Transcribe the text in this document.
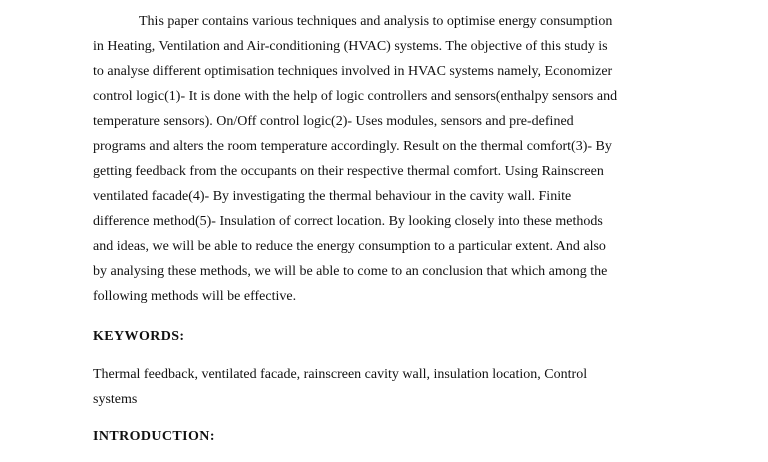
This paper contains various techniques and analysis to optimise energy consumption
in Heating, Ventilation and Air-conditioning (HVAC) systems. The objective of this study is
to analyse different optimisation techniques involved in HVAC systems namely, Economizer
control logic(1)- It is done with the help of logic controllers and sensors(enthalpy sensors and
temperature sensors). On/Off control logic(2)- Uses modules, sensors and pre-defined
programs and alters the room temperature accordingly. Result on the thermal comfort(3)- By
getting feedback from the occupants on their respective thermal comfort. Using Rainscreen
ventilated facade(4)- By investigating the thermal behaviour in the cavity wall. Finite
difference method(5)- Insulation of correct location. By looking closely into these methods
and ideas, we will be able to reduce the energy consumption to a particular extent. And also
by analysing these methods, we will be able to come to an conclusion that which among the
following methods will be effective.
KEYWORDS:
Thermal feedback, ventilated facade, rainscreen cavity wall, insulation location, Control
systems
INTRODUCTION:
